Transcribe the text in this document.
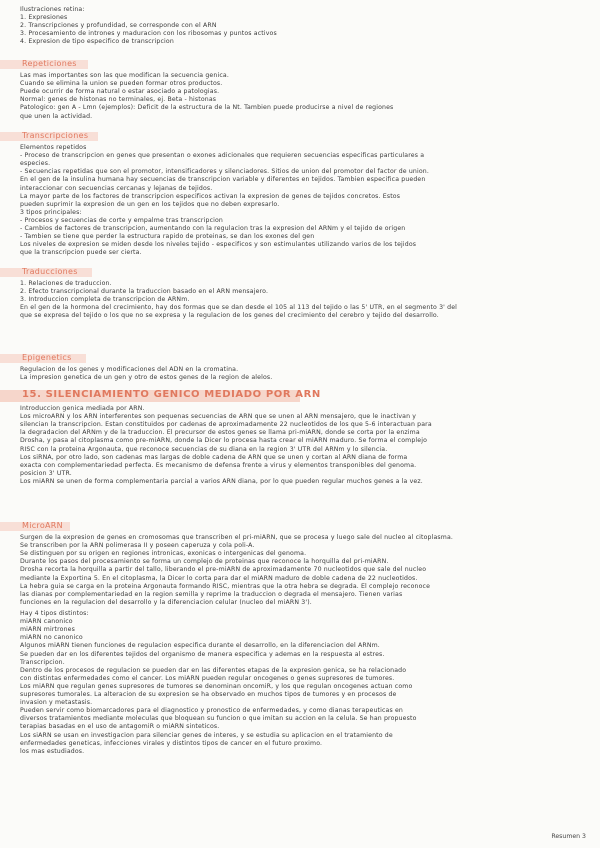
Ilustraciones retina:
1. Expresiones
2. Transcripciones y profundidad, se corresponde con el ARN
3. Procesamiento de intrones y maduracion con los ribosomas y puntos activos
4. Expresion de tipo especifico de transcripcion
Repeticiones
Las mas importantes son las que modifican la secuencia genica.
Cuando se elimina la union se pueden formar otros productos.
Puede ocurrir de forma natural o estar asociado a patologias.
Normal: genes de histonas no terminales, ej. Beta - histonas
Patologico: gen A - Lmn (ejemplos): Deficit de la estructura de la Nt. Tambien puede producirse a nivel de regiones
que unen la actividad.
Transcripciones
Elementos repetidos
- Proceso de transcripcion en genes que presentan o exones adicionales que requieren secuencias especificas particulares a
especies.
- Secuencias repetidas que son el promotor, intensificadores y silenciadores. Sitios de union del promotor del factor de union.
En el gen de la insulina humana hay secuencias de transcripcion variable y diferentes en tejidos. Tambien especifica pueden
interaccionar con secuencias cercanas y lejanas de tejidos.
La mayor parte de los factores de transcripcion especificos activan la expresion de genes de tejidos concretos. Estos
pueden suprimir la expresion de un gen en los tejidos que no deben expresarlo.
3 tipos principales:
- Procesos y secuencias de corte y empalme tras transcripcion
- Cambios de factores de transcripcion, aumentando con la regulacion tras la expresion del ARNm y el tejido de origen
- Tambien se tiene que perder la estructura rapido de proteinas, se dan los exones del gen
Los niveles de expresion se miden desde los niveles tejido - especificos y son estimulantes utilizando varios de los tejidos
que la transcripcion puede ser cierta.
Traducciones
1. Relaciones de traduccion.
2. Efecto transcripcional durante la traduccion basado en el ARN mensajero.
3. Introduccion completa de transcripcion de ARNm.
En el gen de la hormona del crecimiento, hay dos formas que se dan desde el 105 al 113 del tejido o las 5' UTR, en el segmento 3' del
que se expresa del tejido o los que no se expresa y la regulacion de los genes del crecimiento del cerebro y tejido del desarrollo.
Epigenetics
Regulacion de los genes y modificaciones del ADN en la cromatina.
La impresion genetica de un gen y otro de estos genes de la region de alelos.
15. SILENCIAMIENTO GENICO MEDIADO POR ARN
Introduccion genica mediada por ARN.
Los microARN y los ARN interferentes son pequenas secuencias de ARN que se unen al ARN mensajero, que le inactivan y
silencian la transcripcion. Estan constituidos por cadenas de aproximadamente 22 nucleotidos de los que 5-6 interactuan para
la degradacion del ARNm y de la traduccion. El precursor de estos genes se llama pri-miARN, donde se corta por la enzima
Drosha, y pasa al citoplasma como pre-miARN, donde la Dicer lo procesa hasta crear el miARN maduro. Se forma el complejo
RISC con la proteina Argonauta, que reconoce secuencias de su diana en la region 3' UTR del ARNm y lo silencia.
Los siRNA, por otro lado, son cadenas mas largas de doble cadena de ARN que se unen y cortan al ARN diana de forma
exacta con complementariedad perfecta. Es mecanismo de defensa frente a virus y elementos transponibles del genoma.
posicion 3' UTR.
Los miARN se unen de forma complementaria parcial a varios ARN diana, por lo que pueden regular muchos genes a la vez.
MicroARN
Surgen de la expresion de genes en cromosomas que transcriben el pri-miARN, que se procesa y luego sale del nucleo al citoplasma.
Se transcriben por la ARN polimerasa II y poseen caperuza y cola poli-A.
Se distinguen por su origen en regiones intronicas, exonicas o intergenicas del genoma.
Durante los pasos del procesamiento se forma un complejo de proteinas que reconoce la horquilla del pri-miARN.
Drosha recorta la horquilla a partir del tallo, liberando el pre-miARN de aproximadamente 70 nucleotidos que sale del nucleo
mediante la Exportina 5. En el citoplasma, la Dicer lo corta para dar el miARN maduro de doble cadena de 22 nucleotidos.
La hebra guia se carga en la proteina Argonauta formando RISC, mientras que la otra hebra se degrada. El complejo reconoce
las dianas por complementariedad en la region semilla y reprime la traduccion o degrada el mensajero. Tienen varias
funciones en la regulacion del desarrollo y la diferenciacion celular (nucleo del miARN 3').
Hay 4 tipos distintos:
miARN canonico
miARN mirtrones
miARN no canonico
Algunos miARN tienen funciones de regulacion especifica durante el desarrollo, en la diferenciacion del ARNm.
Se pueden dar en los diferentes tejidos del organismo de manera especifica y ademas en la respuesta al estres.
Transcripcion.
Dentro de los procesos de regulacion se pueden dar en las diferentes etapas de la expresion genica, se ha relacionado
con distintas enfermedades como el cancer. Los miARN pueden regular oncogenes o genes supresores de tumores.
Los miARN que regulan genes supresores de tumores se denominan oncomiR, y los que regulan oncogenes actuan como
supresores tumorales. La alteracion de su expresion se ha observado en muchos tipos de tumores y en procesos de
invasion y metastasis.
Pueden servir como biomarcadores para el diagnostico y pronostico de enfermedades, y como dianas terapeuticas en
diversos tratamientos mediante moleculas que bloquean su funcion o que imitan su accion en la celula. Se han propuesto
terapias basadas en el uso de antagomiR o miARN sinteticos.
Los siARN se usan en investigacion para silenciar genes de interes, y se estudia su aplicacion en el tratamiento de
enfermedades geneticas, infecciones virales y distintos tipos de cancer en el futuro proximo.
los mas estudiados.
Resumen 3
